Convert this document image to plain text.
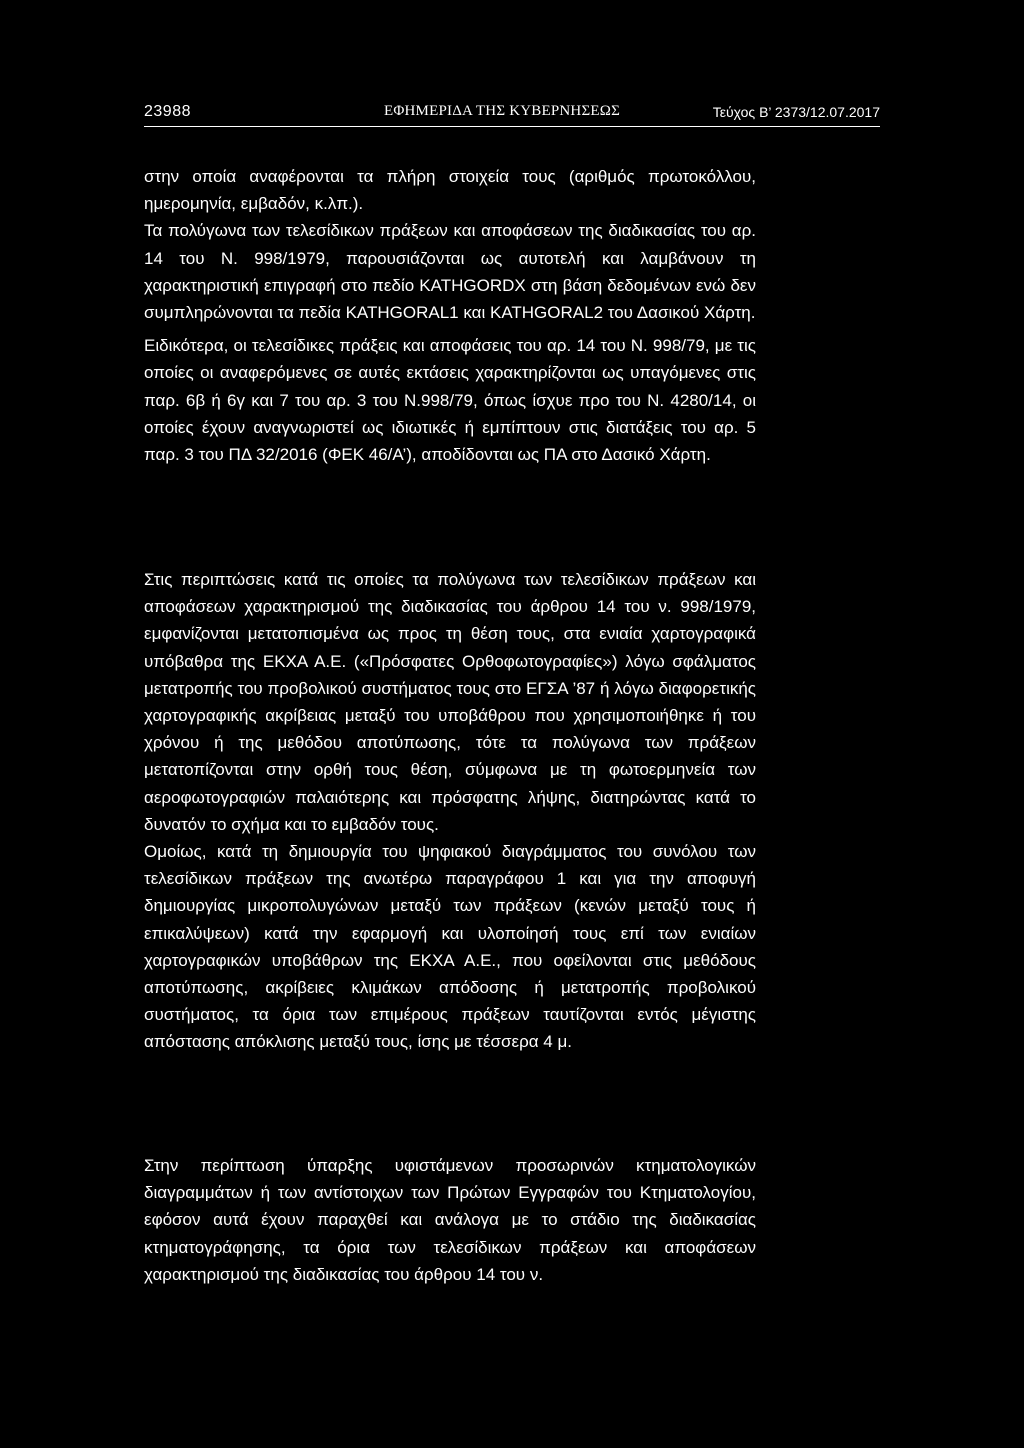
23988	ΕΦΗΜΕΡΙΔΑ ΤΗΣ ΚΥΒΕΡΝΗΣΕΩΣ	Τεύχος Β’ 2373/12.07.2017

στην οποία αναφέρονται τα πλήρη στοιχεία τους (αριθμός πρωτοκόλλου, ημερομηνία, εμβαδόν, κ.λπ.).

Τα πολύγωνα των τελεσίδικων πράξεων και αποφάσεων της διαδικασίας του αρ. 14 του Ν. 998/1979, παρουσιάζονται ως αυτοτελή και λαμβάνουν τη χαρακτηριστική επιγραφή στο πεδίο KATHGORDX στη βάση δεδομένων ενώ δεν συμπληρώνονται τα πεδία KATHGORAL1 και KATHGORAL2 του Δασικού Χάρτη.

Ειδικότερα, οι τελεσίδικες πράξεις και αποφάσεις του αρ. 14 του Ν. 998/79, με τις οποίες οι αναφερόμενες σε αυτές εκτάσεις χαρακτηρίζονται ως υπαγόμενες στις παρ. 6β ή 6γ και 7 του αρ. 3 του Ν.998/79, όπως ίσχυε προ του Ν. 4280/14, οι οποίες έχουν αναγνωριστεί ως ιδιωτικές ή εμπίπτουν στις διατάξεις του αρ. 5 παρ. 3 του ΠΔ 32/2016 (ΦΕΚ 46/Α’), αποδίδονται ως ΠΑ στο Δασικό Χάρτη.

Στις περιπτώσεις κατά τις οποίες τα πολύγωνα των τελεσίδικων πράξεων και αποφάσεων χαρακτηρισμού της διαδικασίας του άρθρου 14 του ν. 998/1979, εμφανίζονται μετατοπισμένα ως προς τη θέση τους, στα ενιαία χαρτογραφικά υπόβαθρα της ΕΚΧΑ Α.Ε. («Πρόσφατες Ορθοφωτογραφίες») λόγω σφάλματος μετατροπής του προβολικού συστήματος τους στο ΕΓΣΑ ’87 ή λόγω διαφορετικής χαρτογραφικής ακρίβειας μεταξύ του υποβάθρου που χρησιμοποιήθηκε ή του χρόνου ή της μεθόδου αποτύπωσης, τότε τα πολύγωνα των πράξεων μετατοπίζονται στην ορθή τους θέση, σύμφωνα με τη φωτοερμηνεία των αεροφωτογραφιών παλαιότερης και πρόσφατης λήψης, διατηρώντας κατά το δυνατόν το σχήμα και το εμβαδόν τους.

Ομοίως, κατά τη δημιουργία του ψηφιακού διαγράμματος του συνόλου των τελεσίδικων πράξεων της ανωτέρω παραγράφου 1 και για την αποφυγή δημιουργίας μικροπολυγώνων μεταξύ των πράξεων (κενών μεταξύ τους ή επικαλύψεων) κατά την εφαρμογή και υλοποίησή τους επί των ενιαίων χαρτογραφικών υποβάθρων της ΕΚΧΑ Α.Ε., που οφείλονται στις μεθόδους αποτύπωσης, ακρίβειες κλιμάκων απόδοσης ή μετατροπής προβολικού συστήματος, τα όρια των επιμέρους πράξεων ταυτίζονται εντός μέγιστης απόστασης απόκλισης μεταξύ τους, ίσης με τέσσερα 4 μ.

Στην περίπτωση ύπαρξης υφιστάμενων προσωρινών κτηματολογικών διαγραμμάτων ή των αντίστοιχων των Πρώτων Εγγραφών του Κτηματολογίου, εφόσον αυτά έχουν παραχθεί και ανάλογα με το στάδιο της διαδικασίας κτηματογράφησης, τα όρια των τελεσίδικων πράξεων και αποφάσεων χαρακτηρισμού της διαδικασίας του άρθρου 14 του ν.
